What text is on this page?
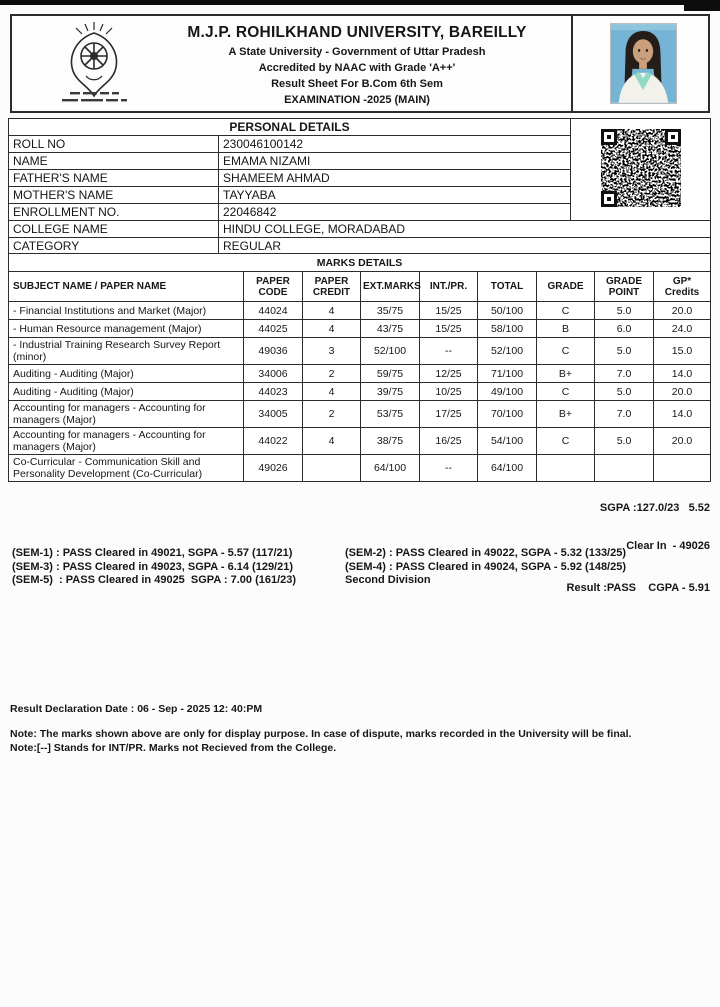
M.J.P. ROHILKHAND UNIVERSITY, BAREILLY
A State University - Government of Uttar Pradesh
Accredited by NAAC with Grade 'A++'
Result Sheet For B.Com 6th Sem
EXAMINATION -2025 (MAIN)
PERSONAL DETAILS	
ROLL NO	230046100142	
NAME	EMAMA NIZAMI	
FATHER'S NAME	SHAMEEM AHMAD	
MOTHER'S NAME	TAYYABA	
ENROLLMENT NO.	22046842	
COLLEGE NAME	HINDU COLLEGE, MORADABAD	
CATEGORY	REGULAR	
MARKS DETAILS								
SUBJECT NAME / PAPER NAME	PAPER CODE	PAPER CREDIT	EXT.MARKS	INT./PR.	TOTAL	GRADE	GRADE POINT	GP* Credits
- Financial Institutions and Market (Major)	44024	4	35/75	15/25	50/100	C	5.0	20.0
- Human Resource management (Major)	44025	4	43/75	15/25	58/100	B	6.0	24.0
- Industrial Training Research Survey Report (minor)	49036	3	52/100	--	52/100	C	5.0	15.0
Auditing - Auditing (Major)	34006	2	59/75	12/25	71/100	B+	7.0	14.0
Auditing - Auditing (Major)	44023	4	39/75	10/25	49/100	C	5.0	20.0
Accounting for managers - Accounting for managers (Major)	34005	2	53/75	17/25	70/100	B+	7.0	14.0
Accounting for managers - Accounting for managers (Major)	44022	4	38/75	16/25	54/100	C	5.0	20.0
Co-Curricular - Communication Skill and Personality Development (Co-Curricular)	49026		64/100	--	64/100			

SGPA :127.0/23   5.52

Clear In  - 49026

Result :PASS    CGPA - 5.91

(SEM-1) : PASS Cleared in 49021, SGPA - 5.57 (117/21)	(SEM-2) : PASS Cleared in 49022, SGPA - 5.32 (133/25)
(SEM-3) : PASS Cleared in 49023, SGPA - 6.14 (129/21)	(SEM-4) : PASS Cleared in 49024, SGPA - 5.92 (148/25)
(SEM-5)  : PASS Cleared in 49025  SGPA : 7.00 (161/23)	Second Division

Result Declaration Date : 06 - Sep - 2025 12: 40:PM
Note: The marks shown above are only for display purpose. In case of dispute, marks recorded in the University will be final.
Note:[--] Stands for INT/PR. Marks not Recieved from the College.
